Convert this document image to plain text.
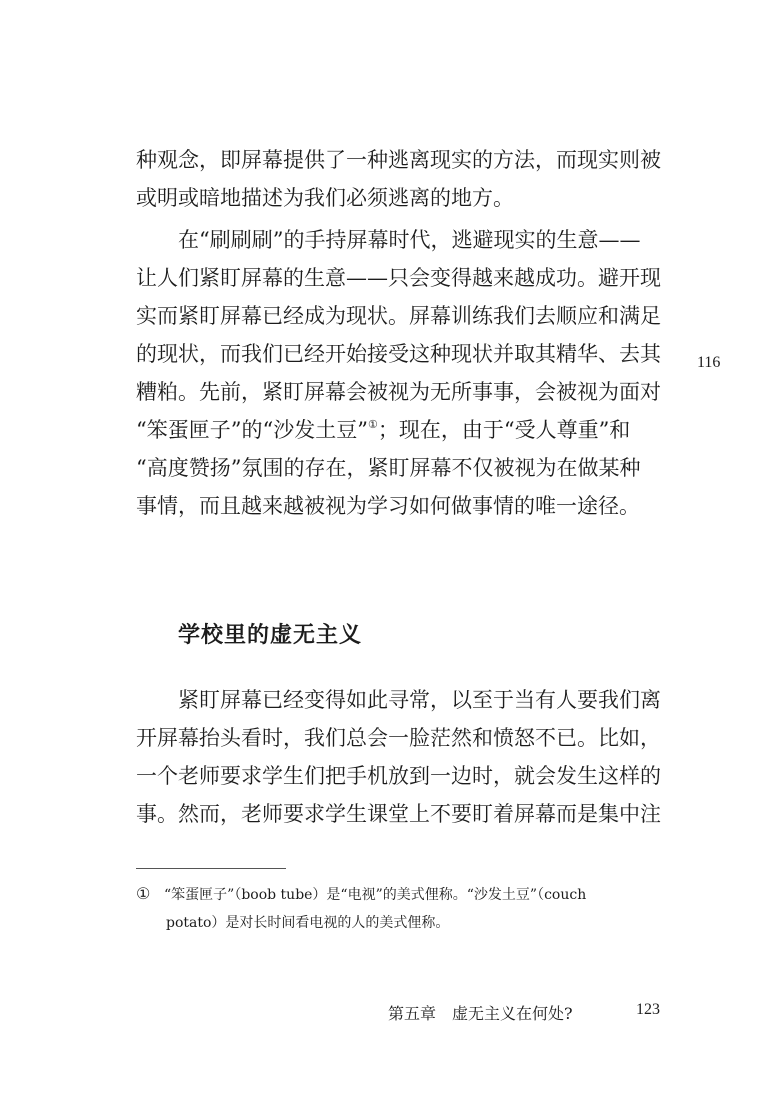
种观念，即屏幕提供了一种逃离现实的方法，而现实则被
或明或暗地描述为我们必须逃离的地方。
在“刷刷刷”的手持屏幕时代，逃避现实的生意——
让人们紧盯屏幕的生意——只会变得越来越成功。避开现
实而紧盯屏幕已经成为现状。屏幕训练我们去顺应和满足
的现状，而我们已经开始接受这种现状并取其精华、去其
糟粕。先前，紧盯屏幕会被视为无所事事，会被视为面对
“笨蛋匣子”的“沙发土豆”①；现在，由于“受人尊重”和
“高度赞扬”氛围的存在，紧盯屏幕不仅被视为在做某种
事情，而且越来越被视为学习如何做事情的唯一途径。
116
学校里的虚无主义
紧盯屏幕已经变得如此寻常，以至于当有人要我们离
开屏幕抬头看时，我们总会一脸茫然和愤怒不已。比如，
一个老师要求学生们把手机放到一边时，就会发生这样的
事。然而，老师要求学生课堂上不要盯着屏幕而是集中注
① “笨蛋匣子”（boob tube）是“电视”的美式俚称。“沙发土豆”（couch
potato）是对长时间看电视的人的美式俚称。
第五章　虚无主义在何处?	123
